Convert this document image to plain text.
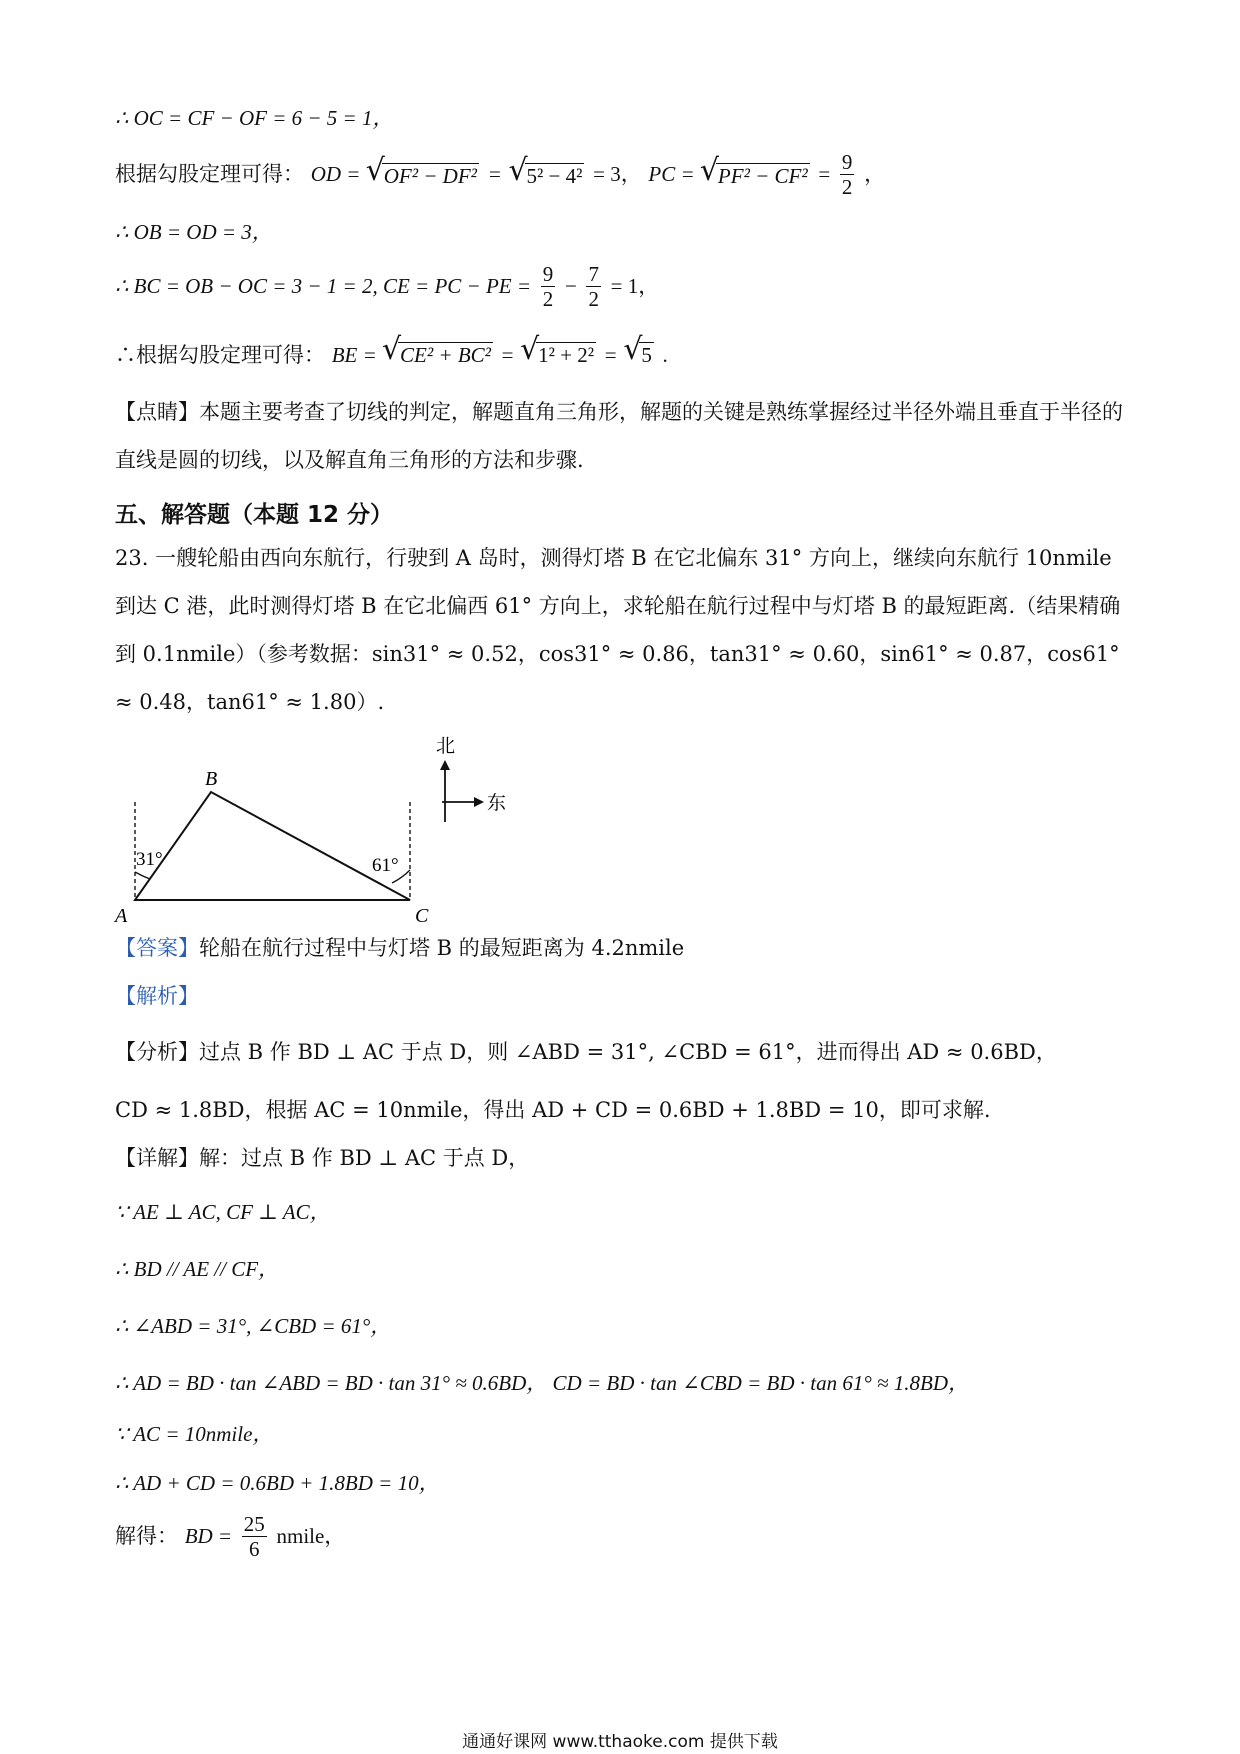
∴ OC = CF − OF = 6 − 5 = 1，
根据勾股定理可得： OD = √ OF² − DF² = √ 5² − 4² = 3， PC = √ $PF^2 - CF^2 = \frac{9}{2}$ ，
∴ OB = OD = 3，
∴ BC = OB − OC = 3 − 1 = 2, CE = PC − PE = $\frac{9}{2} - \frac{7}{2} = 1$，
∴根据勾股定理可得： BE = √ CE² + BC² = √ 1² + 2² = √ 5 .
【点睛】本题主要考查了切线的判定，解题直角三角形，解题的关键是熟练掌握经过半径外端且垂直于半径的直线是圆的切线，以及解直角三角形的方法和步骤.
五、解答题（本题 12 分）
23. 一艘轮船由西向东航行，行驶到 A 岛时，测得灯塔 B 在它北偏东 31° 方向上，继续向东航行 10nmile 到达 C 港，此时测得灯塔 B 在它北偏西 61° 方向上，求轮船在航行过程中与灯塔 B 的最短距离.（结果精确到 0.1nmile）（参考数据：sin31° ≈ 0.52，cos31° ≈ 0.86，tan31° ≈ 0.60，sin61° ≈ 0.87，cos61° ≈ 0.48，tan61° ≈ 1.80）.
31°	61°
B
A	C
北
东
【答案】轮船在航行过程中与灯塔 B 的最短距离为 4.2nmile
【解析】
【分析】过点 B 作 BD ⊥ AC 于点 D，则 ∠ABD = 31°, ∠CBD = 61°，进而得出 AD ≈ 0.6BD，
CD ≈ 1.8BD，根据 AC = 10nmile，得出 AD + CD = 0.6BD + 1.8BD = 10，即可求解.
【详解】解：过点 B 作 BD ⊥ AC 于点 D，
∵ AE ⊥ AC, CF ⊥ AC，
∴ BD // AE // CF，
∴ ∠ABD = 31°, ∠CBD = 61°，
∴ AD = BD · tan ∠ABD = BD · tan 31° ≈ 0.6BD， CD = BD · tan ∠CBD = BD · tan 61° ≈ 1.8BD，
∵ AC = 10nmile，
∴ AD + CD = 0.6BD + 1.8BD = 10，
解得： BD = $\frac{25}{6}$ nmile，
通通好课网 www.tthaoke.com 提供下载
